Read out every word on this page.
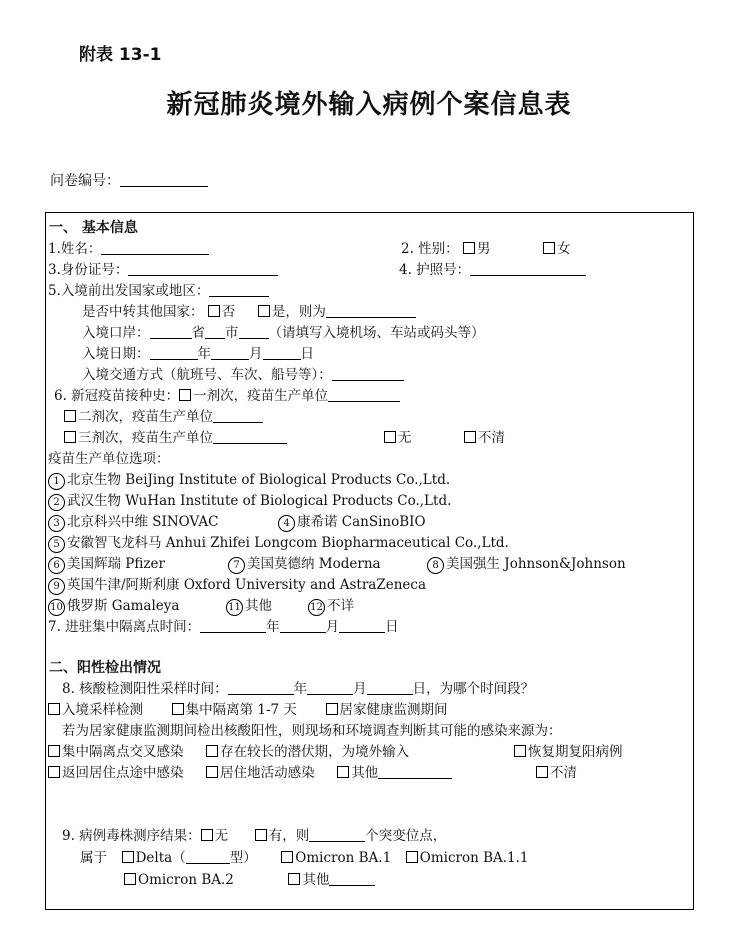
附表 13-1
新冠肺炎境外输入病例个案信息表
问卷编号：
一、 基本信息
1.姓名：	2. 性别： 男	女
3.身份证号：	4. 护照号：
5.入境前出发国家或地区：
是否中转其他国家： 否	是，则为
入境口岸：	省 市 （请填写入境机场、车站或码头等）
入境日期：	年	月	日
入境交通方式（航班号、车次、船号等）：
6. 新冠疫苗接种史： 一剂次，疫苗生产单位
二剂次，疫苗生产单位
三剂次，疫苗生产单位	无	不清
疫苗生产单位选项：
1 北京生物 BeiJing Institute of Biological Products Co.,Ltd.
2 武汉生物 WuHan Institute of Biological Products Co.,Ltd.
3 北京科兴中维 SINOVAC	4 康希诺 CanSinoBIO
5 安徽智飞龙科马 Anhui Zhifei Longcom Biopharmaceutical Co.,Ltd.
6 美国辉瑞 Pfizer	7 美国莫德纳 Moderna	8 美国强生 Johnson&Johnson
9 英国牛津/阿斯利康 Oxford University and AstraZeneca
10 俄罗斯 Gamaleya	11 其他	12 不详
7. 进驻集中隔离点时间：	年	月	日
二、阳性检出情况
8. 核酸检测阳性采样时间：	年	月	日，为哪个时间段？
入境采样检测	集中隔离第 1-7 天	居家健康监测期间
若为居家健康监测期间检出核酸阳性，则现场和环境调查判断其可能的感染来源为：
集中隔离点交叉感染	存在较长的潜伏期，为境外输入	恢复期复阳病例
返回居住点途中感染	居住地活动感染	其他	不清
9. 病例毒株测序结果： 无	有，则	个突变位点，
属于 Delta（	型）	Omicron BA.1 Omicron BA.1.1
Omicron BA.2	其他
